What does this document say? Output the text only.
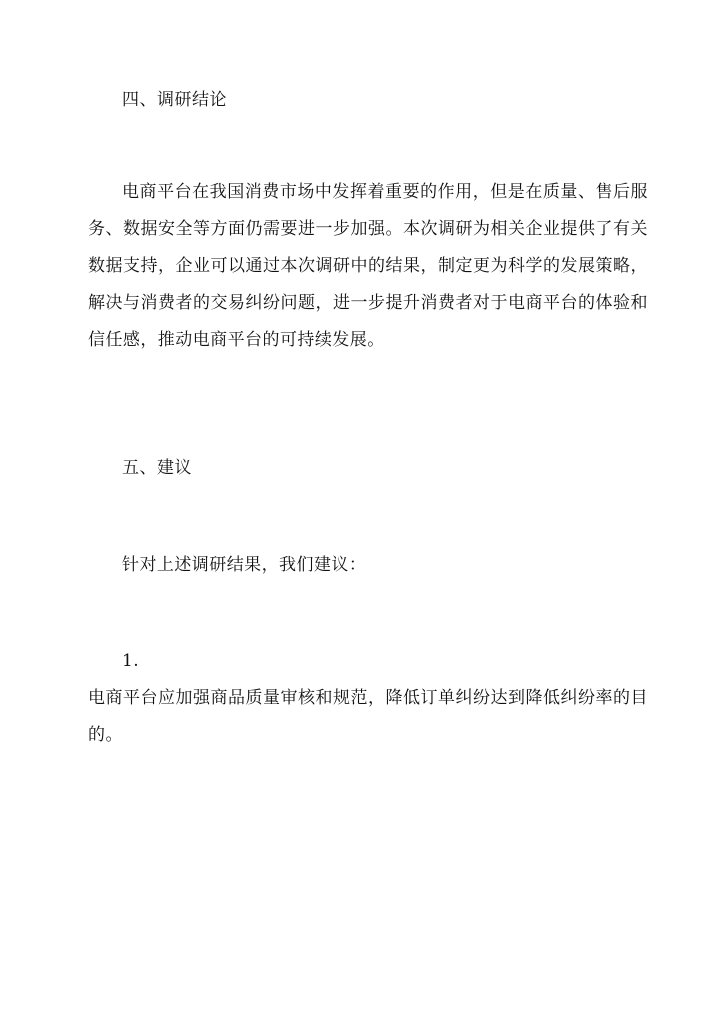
四、调研结论
电商平台在我国消费市场中发挥着重要的作用，但是在质量、售后服务、数据安全等方面仍需要进一步加强。本次调研为相关企业提供了有关数据支持，企业可以通过本次调研中的结果，制定更为科学的发展策略，解决与消费者的交易纠纷问题，进一步提升消费者对于电商平台的体验和信任感，推动电商平台的可持续发展。
五、建议
针对上述调研结果，我们建议：
1.
电商平台应加强商品质量审核和规范，降低订单纠纷达到降低纠纷率的目的。
